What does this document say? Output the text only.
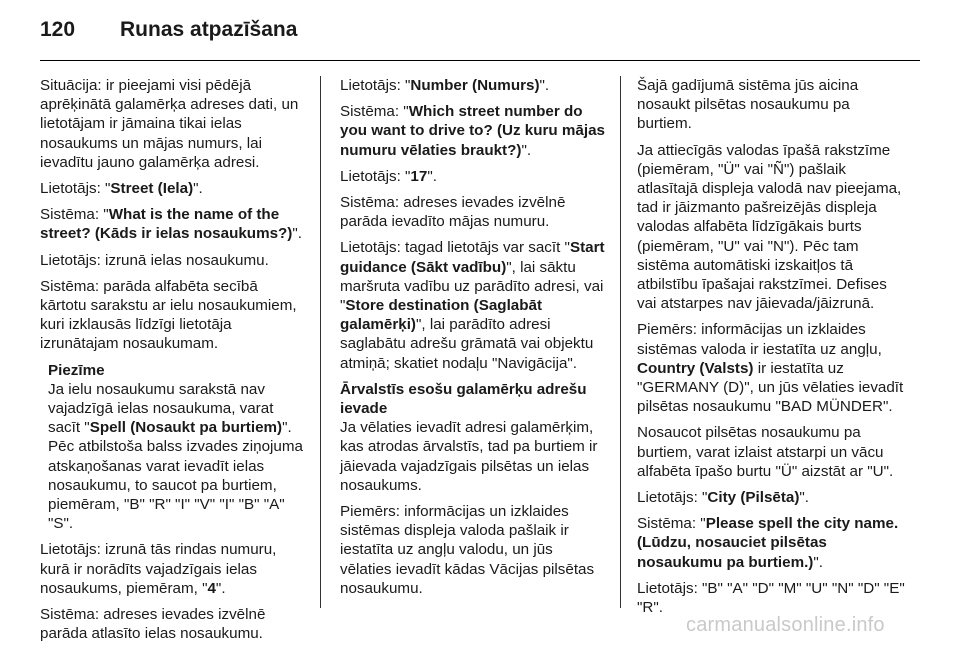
120	Runas atpazīšana

Situācija: ir pieejami visi pēdējā aprēķinātā galamērķa adreses dati, un lietotājam ir jāmaina tikai ielas nosaukums un mājas numurs, lai ievadītu jauno galamērķa adresi.

Lietotājs: "Street (Iela)".

Sistēma: "What is the name of the street? (Kāds ir ielas nosaukums?)".

Lietotājs: izrunā ielas nosaukumu.

Sistēma: parāda alfabēta secībā kārtotu sarakstu ar ielu nosaukumiem, kuri izklausās līdzīgi lietotāja izrunātajam nosaukumam.

Piezīme
Ja ielu nosaukumu sarakstā nav vajadzīgā ielas nosaukuma, varat sacīt "Spell (Nosaukt pa burtiem)". Pēc atbilstoša balss izvades ziņojuma atskaņošanas varat ievadīt ielas nosaukumu, to saucot pa burtiem, piemēram, "B" "R" "I" "V" "I" "B" "A" "S".

Lietotājs: izrunā tās rindas numuru, kurā ir norādīts vajadzīgais ielas nosaukums, piemēram, "4".

Sistēma: adreses ievades izvēlnē parāda atlasīto ielas nosaukumu.

Lietotājs: "Number (Numurs)".

Sistēma: "Which street number do you want to drive to? (Uz kuru mājas numuru vēlaties braukt?)".

Lietotājs: "17".

Sistēma: adreses ievades izvēlnē parāda ievadīto mājas numuru.

Lietotājs: tagad lietotājs var sacīt "Start guidance (Sākt vadību)", lai sāktu maršruta vadību uz parādīto adresi, vai "Store destination (Saglabāt galamērķi)", lai parādīto adresi saglabātu adrešu grāmatā vai objektu atmiņā; skatiet nodaļu "Navigācija".

Ārvalstīs esošu galamērķu adrešu ievade

Ja vēlaties ievadīt adresi galamērķim, kas atrodas ārvalstīs, tad pa burtiem ir jāievada vajadzīgais pilsētas un ielas nosaukums.

Piemērs: informācijas un izklaides sistēmas displeja valoda pašlaik ir iestatīta uz angļu valodu, un jūs vēlaties ievadīt kādas Vācijas pilsētas nosaukumu.

Šajā gadījumā sistēma jūs aicina nosaukt pilsētas nosaukumu pa burtiem.

Ja attiecīgās valodas īpašā rakstzīme (piemēram, "Ü" vai "Ñ") pašlaik atlasītajā displeja valodā nav pieejama, tad ir jāizmanto pašreizējās displeja valodas alfabēta līdzīgākais burts (piemēram, "U" vai "N"). Pēc tam sistēma automātiski izskaitļos tā atbilstību īpašajai rakstzīmei. Defises vai atstarpes nav jāievada/jāizrunā.

Piemērs: informācijas un izklaides sistēmas valoda ir iestatīta uz angļu, Country (Valsts) ir iestatīta uz "GERMANY (D)", un jūs vēlaties ievadīt pilsētas nosaukumu "BAD MÜNDER".

Nosaucot pilsētas nosaukumu pa burtiem, varat izlaist atstarpi un vācu alfabēta īpašo burtu "Ü" aizstāt ar "U".

Lietotājs: "City (Pilsēta)".

Sistēma: "Please spell the city name. (Lūdzu, nosauciet pilsētas nosaukumu pa burtiem.)".

Lietotājs: "B" "A" "D" "M" "U" "N" "D" "E" "R".

carmanualsonline.info
